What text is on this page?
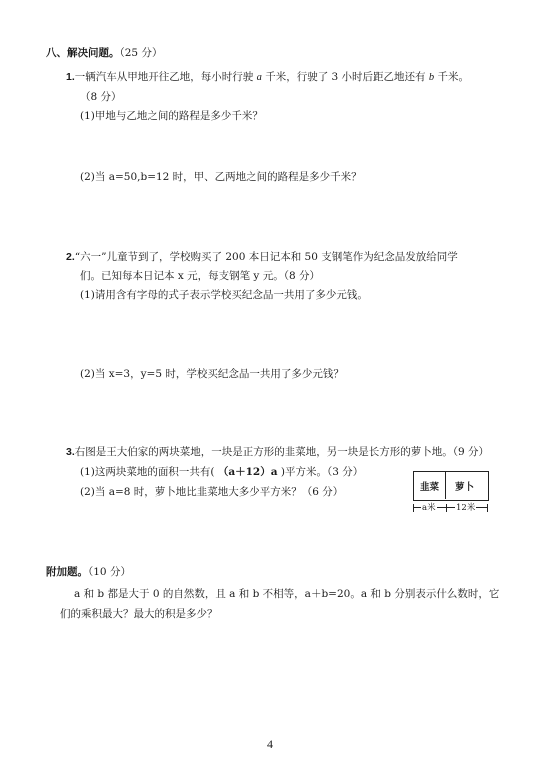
八、解决问题。（25 分）
1.一辆汽车从甲地开往乙地，每小时行驶 a 千米，行驶了 3 小时后距乙地还有 b 千米。
（8 分）
(1)甲地与乙地之间的路程是多少千米？
(2)当 a=50,b=12 时，甲、乙两地之间的路程是多少千米？
2.“六一”儿童节到了，学校购买了 200 本日记本和 50 支钢笔作为纪念品发放给同学
们。已知每本日记本 x 元，每支钢笔 y 元。（8 分）
(1)请用含有字母的式子表示学校买纪念品一共用了多少元钱。
(2)当 x=3，y=5 时，学校买纪念品一共用了多少元钱？
3.右图是王大伯家的两块菜地，一块是正方形的韭菜地，另一块是长方形的萝卜地。（9 分）
(1)这两块菜地的面积一共有( （a＋12）a )平方米。（3 分）
(2)当 a=8 时，萝卜地比韭菜地大多少平方米？（6 分）	韭菜 萝卜
a米 12米
附加题。（10 分）
a 和 b 都是大于 0 的自然数，且 a 和 b 不相等，a＋b=20。a 和 b 分别表示什么数时，它
们的乘积最大？最大的积是多少？
4
